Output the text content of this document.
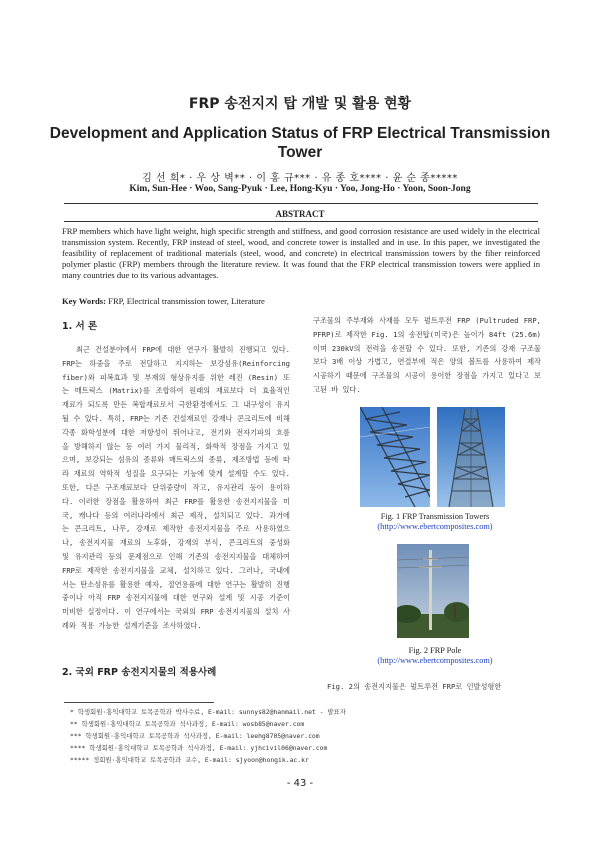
FRP 송전지지 탑 개발 및 활용 현황
Development and Application Status of FRP Electrical Transmission Tower
김 선 희* · 우 상 벽** · 이 홍 규*** · 유 종 호**** · 윤 순 종*****
Kim, Sun-Hee · Woo, Sang-Pyuk · Lee, Hong-Kyu · Yoo, Jong-Ho · Yoon, Soon-Jong
ABSTRACT
FRP members which have light weight, high specific strength and stiffness, and good corrosion resistance are used widely in the electrical transmission system. Recently, FRP instead of steel, wood, and concrete tower is installed and in use. In this paper, we investigated the feasibility of replacement of traditional materials (steel, wood, and concrete) in electrical transmission towers by the fiber reinforced polymer plastic (FRP) members through the literature review. It was found that the FRP electrical transmission towers were applied in many countries due to its various advantages.
Key Words: FRP, Electrical transmission tower, Literature
1. 서 론

최근 건설분야에서 FRP에 대한 연구가 활발히 진행되고 있다. FRP는 하중을 주로 전달하고 지지하는 보강섬유(Reinforcing fiber)와 피복효과 및 부재의 형상유지를 위한 레진 (Resin) 또는 매트릭스 (Matrix)를 조합하여 원래의 재료보다 더 효율적인 재료가 되도록 만든 복합재료로서 극한환경에서도 그 내구성이 유지될 수 있다. 특히, FRP는 기존 건설재료인 강재나 콘크리트에 비해 각종 화학성분에 대한 저항성이 뛰어나고, 전기와 전자기파의 흐름을 방해하지 않는 등 여러 가지 물리적, 화학적 장점을 가지고 있으며, 보강되는 섬유의 종류와 매트릭스의 종류, 제조방법 등에 따라 재료의 역학적 성질을 요구되는 기능에 맞게 설계할 수도 있다. 또한, 다른 구조재료보다 단위중량이 작고, 유지관리 등이 용이하다. 이러한 장점을 활용하여 최근 FRP를 활용한 송전지지물을 미국, 캐나다 등의 여러나라에서 최근 제작, 설치되고 있다. 과거에는 콘크리트, 나무, 강재로 제작한 송전지지물을 주로 사용하였으나, 송전지지물 재료의 노후화, 강재의 부식, 콘크리트의 중성화 및 유지관리 등의 문제점으로 인해 기존의 송전지지물을 대체하여 FRP로 제작한 송전지지물을 교체, 설치하고 있다. 그러나, 국내에서는 탄소섬유를 활용한 예자, 절연용품에 대한 연구는 활발히 진행 중이나 아직 FRP 송전지지물에 대한 연구와 설계 및 시공 기준이 미비한 실정이다. 이 연구에서는 국외의 FRP 송전지지물의 설치 사례와 적용 가능한 설계기준을 조사하였다.

2. 국외 FRP 송전지지물의 적용사례
구조물의 주부재와 사재를 모두 펄트루전 FRP (Pultruded FRP, PFRP)로 제작한 Fig. 1의 송전탑(미국)은 높이가 84ft (25.6m)이며 230kV의 전력을 송전할 수 있다. 또한, 기존의 강재 구조물보다 3배 이상 가볍고, 연결부에 적은 양의 볼트를 사용하여 제작 시공하기 때문에 구조물의 시공이 용이한 장점을 가지고 있다고 보고된 바 있다.
Fig. 1 FRP Transmission Towers
(http://www.ebertcomposites.com)
Fig. 2 FRP Pole
(http://www.ebertcomposites.com)
Fig. 2의 송전지지물은 펄트루전 FRP로 인발성형한
* 학생회원·홍익대학교 토목공학과 박사수료, E-mail: sunnys82@hanmail.net - 발표자
** 학생회원·홍익대학교 토목공학과 석사과정, E-mail: wosb85@naver.com
*** 학생회원·홍익대학교 토목공학과 석사과정, E-mail: leehg8705@naver.com
**** 학생회원·홍익대학교 토목공학과 석사과정, E-mail: yjhcivil06@naver.com
***** 정회원·홍익대학교 토목공학과 교수, E-mail: sjyoon@hongik.ac.kr
- 43 -
